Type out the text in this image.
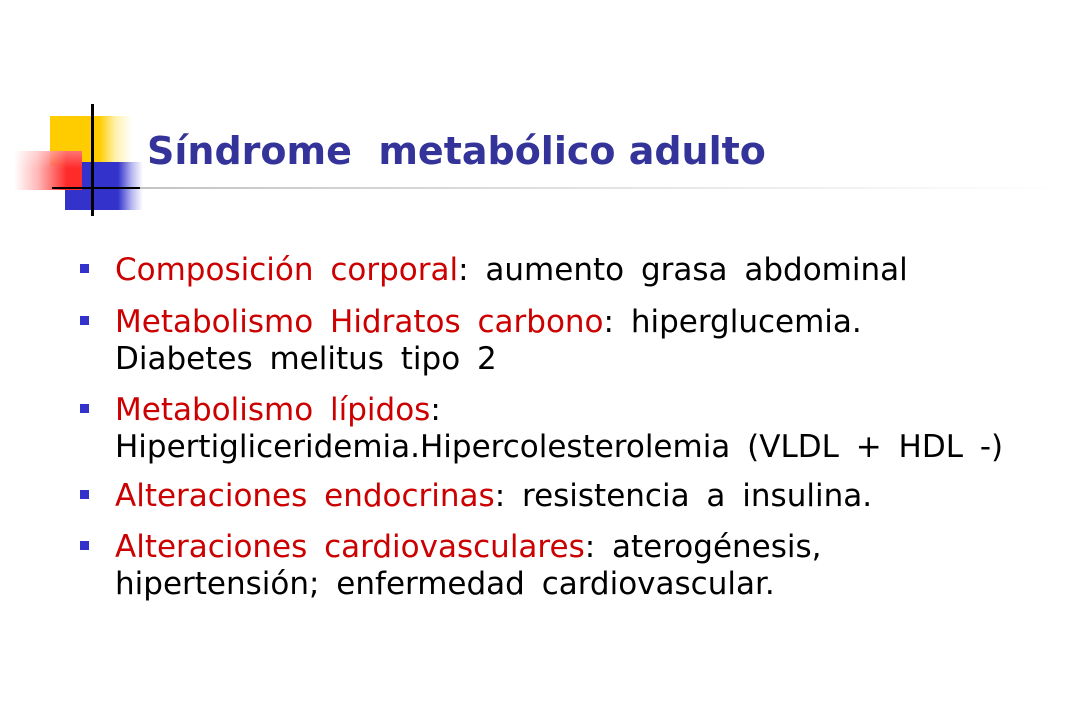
Síndrome  metabólico adulto
Composición corporal: aumento grasa abdominal
Metabolismo Hidratos carbono: hiperglucemia.
Diabetes melitus tipo 2
Metabolismo lípidos:
Hipertigliceridemia.Hipercolesterolemia (VLDL + HDL -)
Alteraciones endocrinas: resistencia a insulina.
Alteraciones cardiovasculares: aterogénesis,
hipertensión; enfermedad cardiovascular.
